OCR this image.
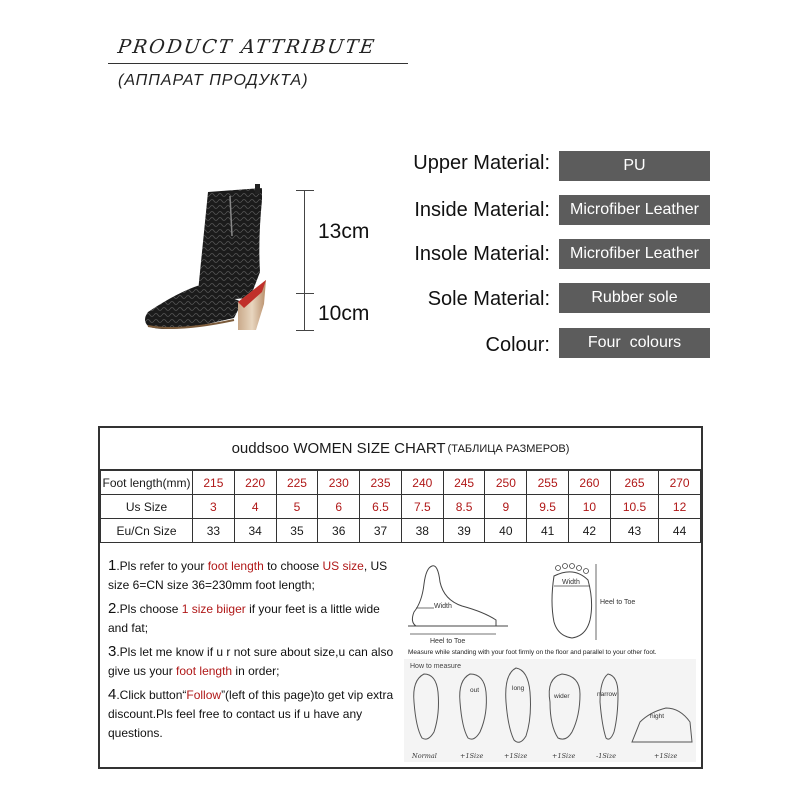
PRODUCT ATTRIBUTE
(АППАРАТ ПРОДУКТА)
13cm
10cm
Upper Material:	PU
Inside Material:	Microfiber Leather
Insole Material:	Microfiber Leather
Sole Material:	Rubber sole
Colour:	Four  colours
ouddsoo WOMEN SIZE CHART (ТАБЛИЦА РАЗМЕРОВ)
Foot length(mm)	215	220	225	230	235	240	245	250	255	260	265	270
Us Size	3	4	5	6	6.5	7.5	8.5	9	9.5	10	10.5	12
Eu/Cn Size	33	34	35	36	37	38	39	40	41	42	43	44

1.Pls refer to your foot length to choose US size, US size 6=CN size 36=230mm foot length;

2.Pls choose 1 size biiger if your feet is a little wide and fat;

3.Pls let me know if u r not sure about size,u can also give us your foot length in order;

4.Click button“Follow”(left of this page)to get vip extra discount.Pls feel free to contact us if u have any questions.

Width
Heel to Toe
Width
Heel to Toe
Measure while standing with your foot firmly on the floor and parallel to your other foot.
How to measure
out	long
wider	narrow
hight
Normal	+1Size	+1Size	+1Size	-1Size	+1Size
